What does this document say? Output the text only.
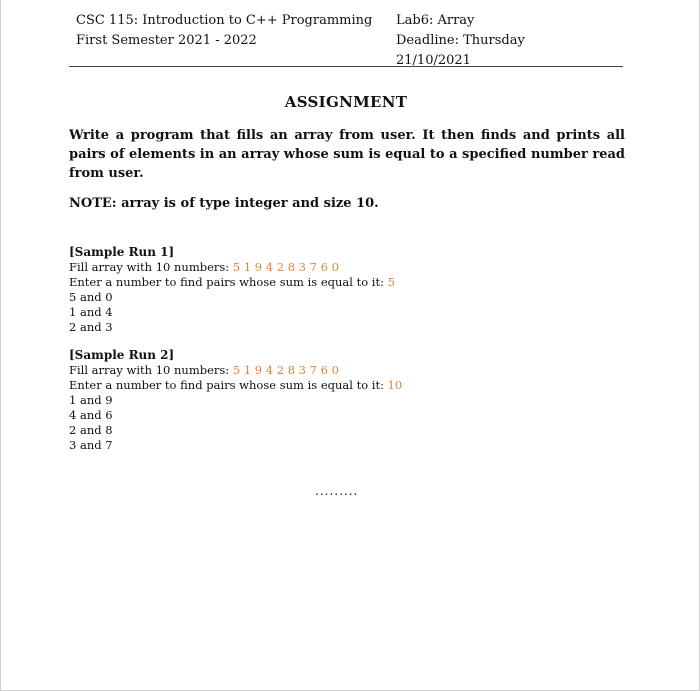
CSC 115: Introduction to C++ Programming
First Semester 2021 - 2022
Lab6: Array
Deadline: Thursday 21/10/2021
ASSIGNMENT
Write a program that fills an array from user. It then finds and prints all pairs of elements in an array whose sum is equal to a specified number read from user.
NOTE: array is of type integer and size 10.
[Sample Run 1]
Fill array with 10 numbers: 5 1 9 4 2 8 3 7 6 0
Enter a number to find pairs whose sum is equal to it: 5
5 and 0
1 and 4
2 and 3
[Sample Run 2]
Fill array with 10 numbers: 5 1 9 4 2 8 3 7 6 0
Enter a number to find pairs whose sum is equal to it: 10
1 and 9
4 and 6
2 and 8
3 and 7
.........
